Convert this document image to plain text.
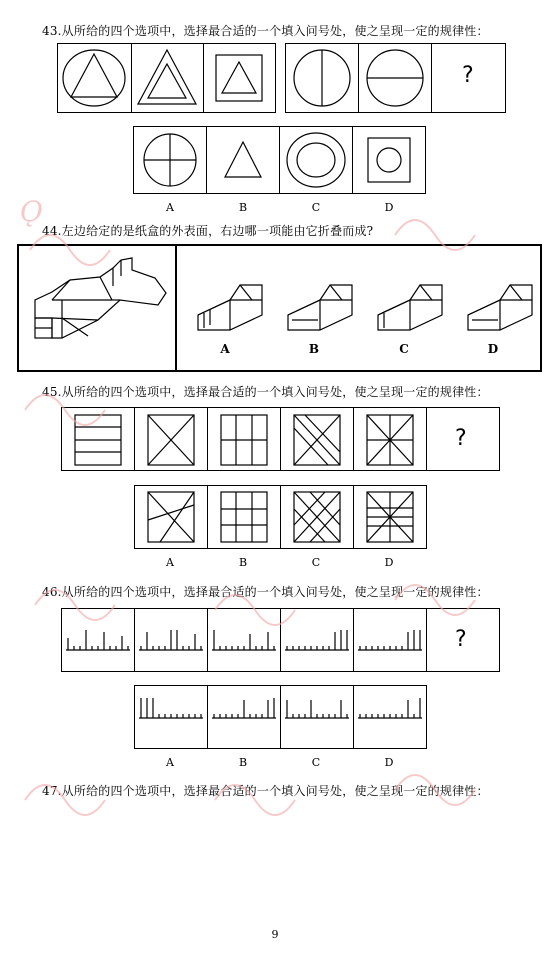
Ǫ
43.从所给的四个选项中，选择最合适的一个填入问号处，使之呈现一定的规律性：
?
A	B	C	D
44.左边给定的是纸盒的外表面，右边哪一项能由它折叠而成?
A	B	C	D
45.从所给的四个选项中，选择最合适的一个填入问号处，使之呈现一定的规律性：
?
A	B	C	D
46.从所给的四个选项中，选择最合适的一个填入问号处，使之呈现一定的规律性：
?
A	B	C	D
47.从所给的四个选项中，选择最合适的一个填入问号处，使之呈现一定的规律性：
9
